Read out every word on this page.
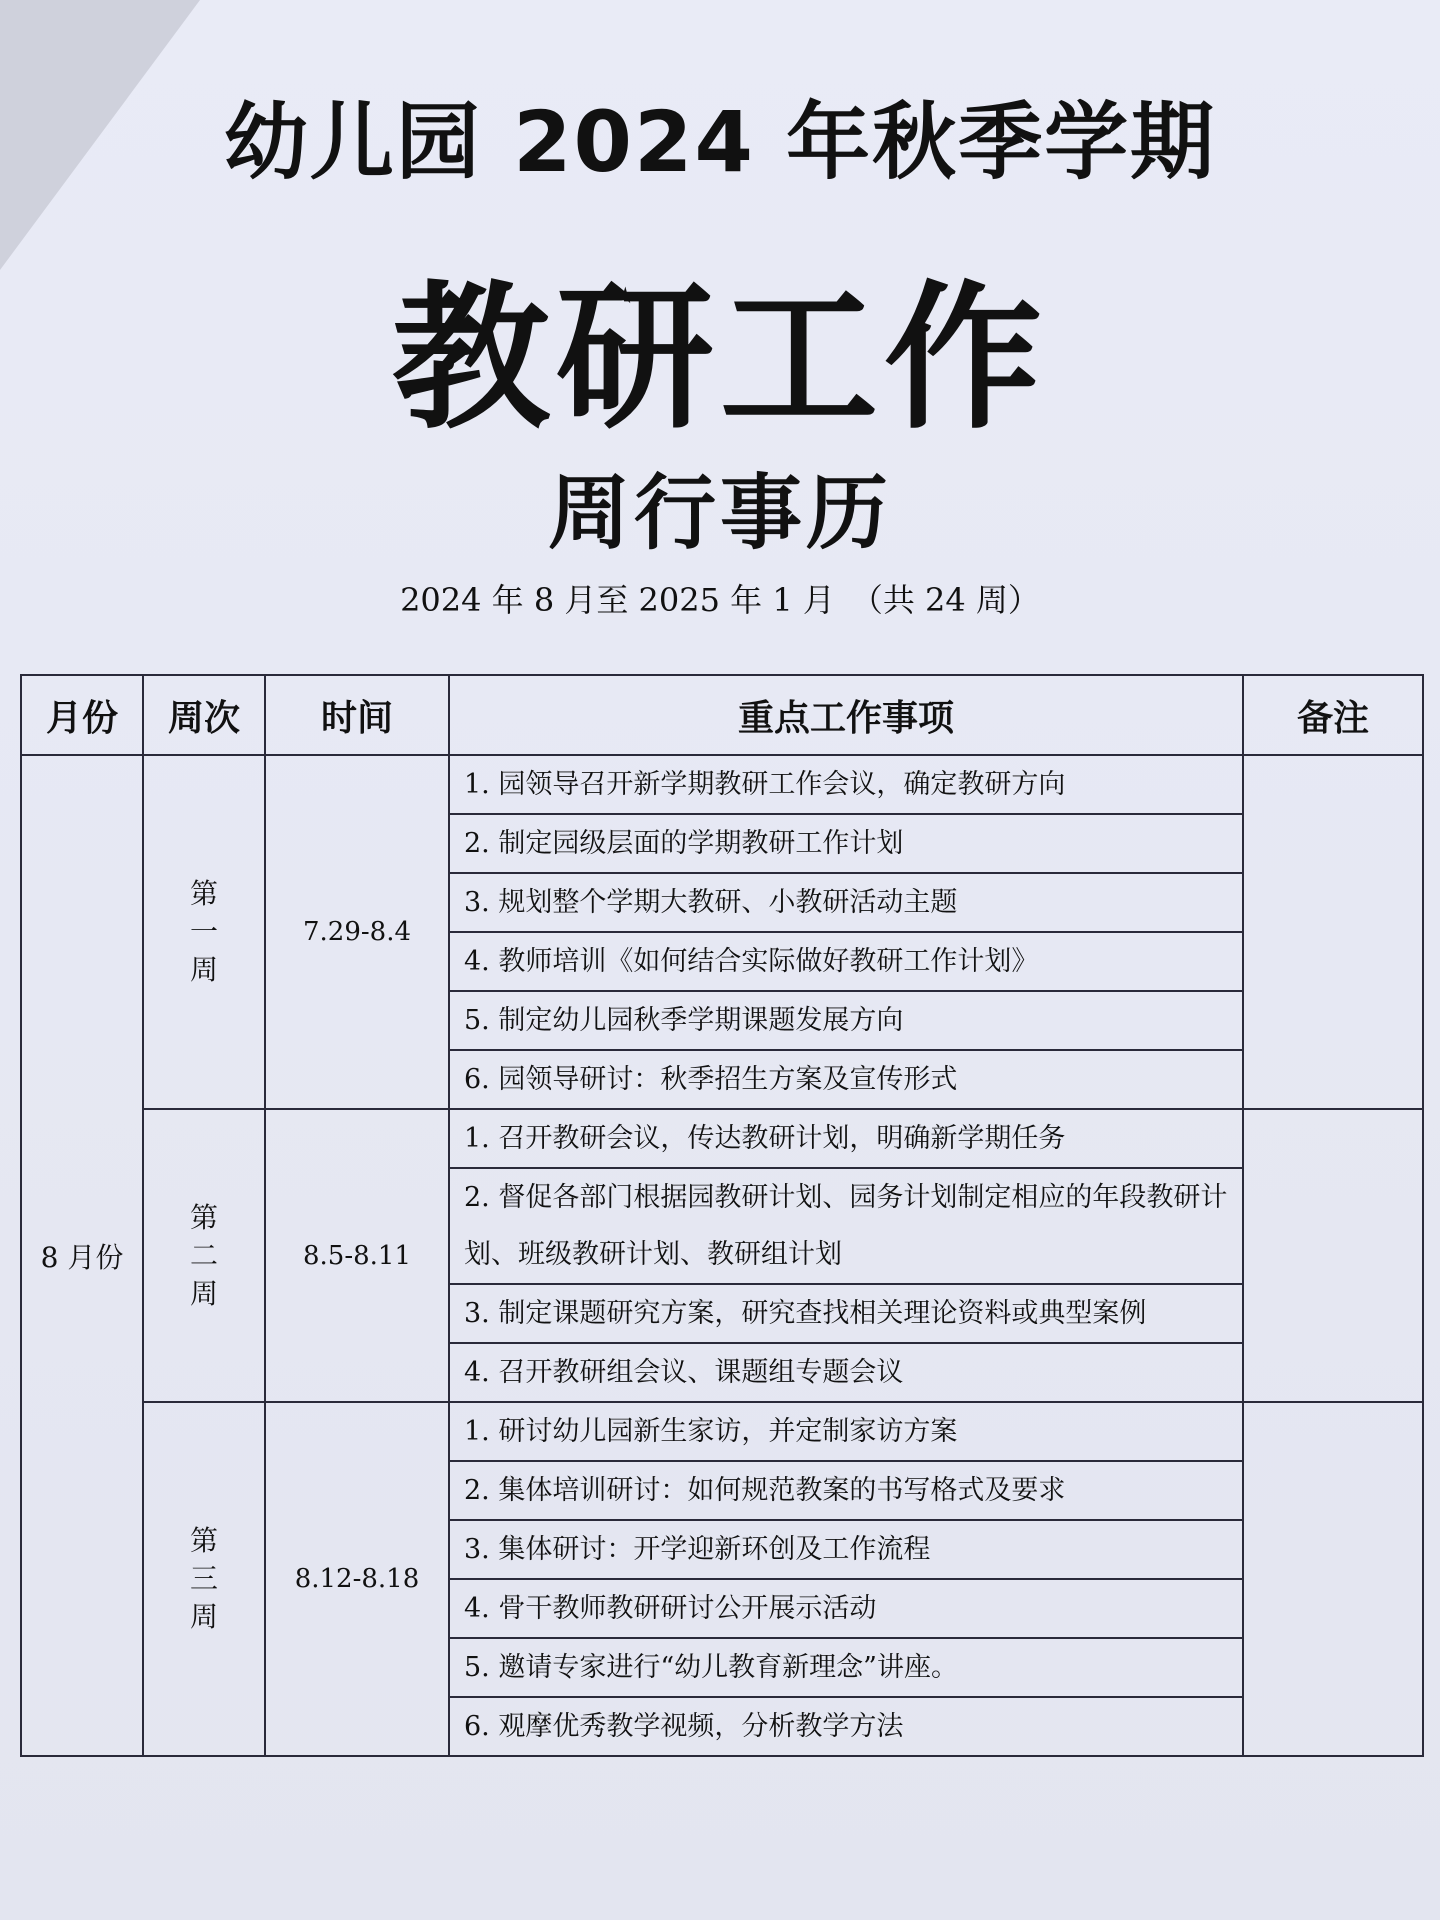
幼儿园 2024 年秋季学期
教研工作
周行事历
2024 年 8 月至 2025 年 1 月　（共 24 周）
月份	周次	时间	重点工作事项	备注
8 月份	第
一
周	7.29-8.4	1. 园领导召开新学期教研工作会议，确定教研方向	
			2. 制定园级层面的学期教研工作计划	
			3. 规划整个学期大教研、小教研活动主题	
			4. 教师培训《如何结合实际做好教研工作计划》	
			5. 制定幼儿园秋季学期课题发展方向	
			6. 园领导研讨：秋季招生方案及宣传形式	

	第
二
周	8.5-8.11	1. 召开教研会议，传达教研计划，明确新学期任务	

			2. 督促各部门根据园教研计划、园务计划制定相应的年段教研计划、班级教研计划、教研组计划	

			3. 制定课题研究方案，研究查找相关理论资料或典型案例	
			4. 召开教研组会议、课题组专题会议	

	第
三
周	8.12-8.18	1. 研讨幼儿园新生家访，并定制家访方案	
			2. 集体培训研讨：如何规范教案的书写格式及要求	
			3. 集体研讨：开学迎新环创及工作流程	
			4. 骨干教师教研研讨公开展示活动	
			5. 邀请专家进行“幼儿教育新理念”讲座。	
			6. 观摩优秀教学视频，分析教学方法	
